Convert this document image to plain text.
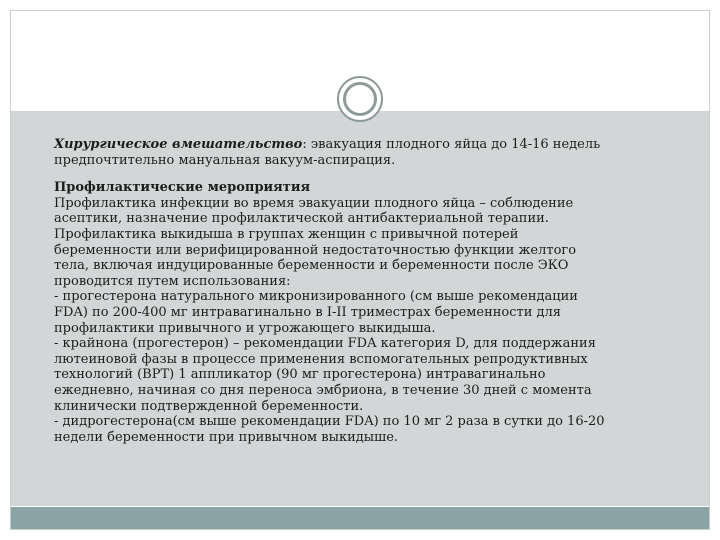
Хирургическое вмешательство: эвакуация плодного яйца до 14-16 недель
предпочтительно мануальная вакуум-аспирация.

Профилактические мероприятия
Профилактика инфекции во время эвакуации плодного яйца – соблюдение
асептики, назначение профилактической антибактериальной терапии.
Профилактика выкидыша в группах женщин с привычной потерей
беременности или верифицированной недостаточностью функции желтого
тела, включая индуцированные беременности и беременности после ЭКО
проводится путем использования:
- прогестерона натурального микронизированного (см выше рекомендации
FDA) по 200-400 мг интравагинально в I-II триместрах беременности для
профилактики привычного и угрожающего выкидыша.
- крайнона (прогестерон) – рекомендации FDA категория D, для поддержания
лютеиновой фазы в процессе применения вспомогательных репродуктивных
технологий (ВРТ) 1 аппликатор (90 мг прогестерона) интравагинально
ежедневно, начиная со дня переноса эмбриона, в течение 30 дней с момента
клинически подтвержденной беременности.
- дидрогестерона(см выше рекомендации FDA) по 10 мг 2 раза в сутки до 16-20
недели беременности при привычном выкидыше.
